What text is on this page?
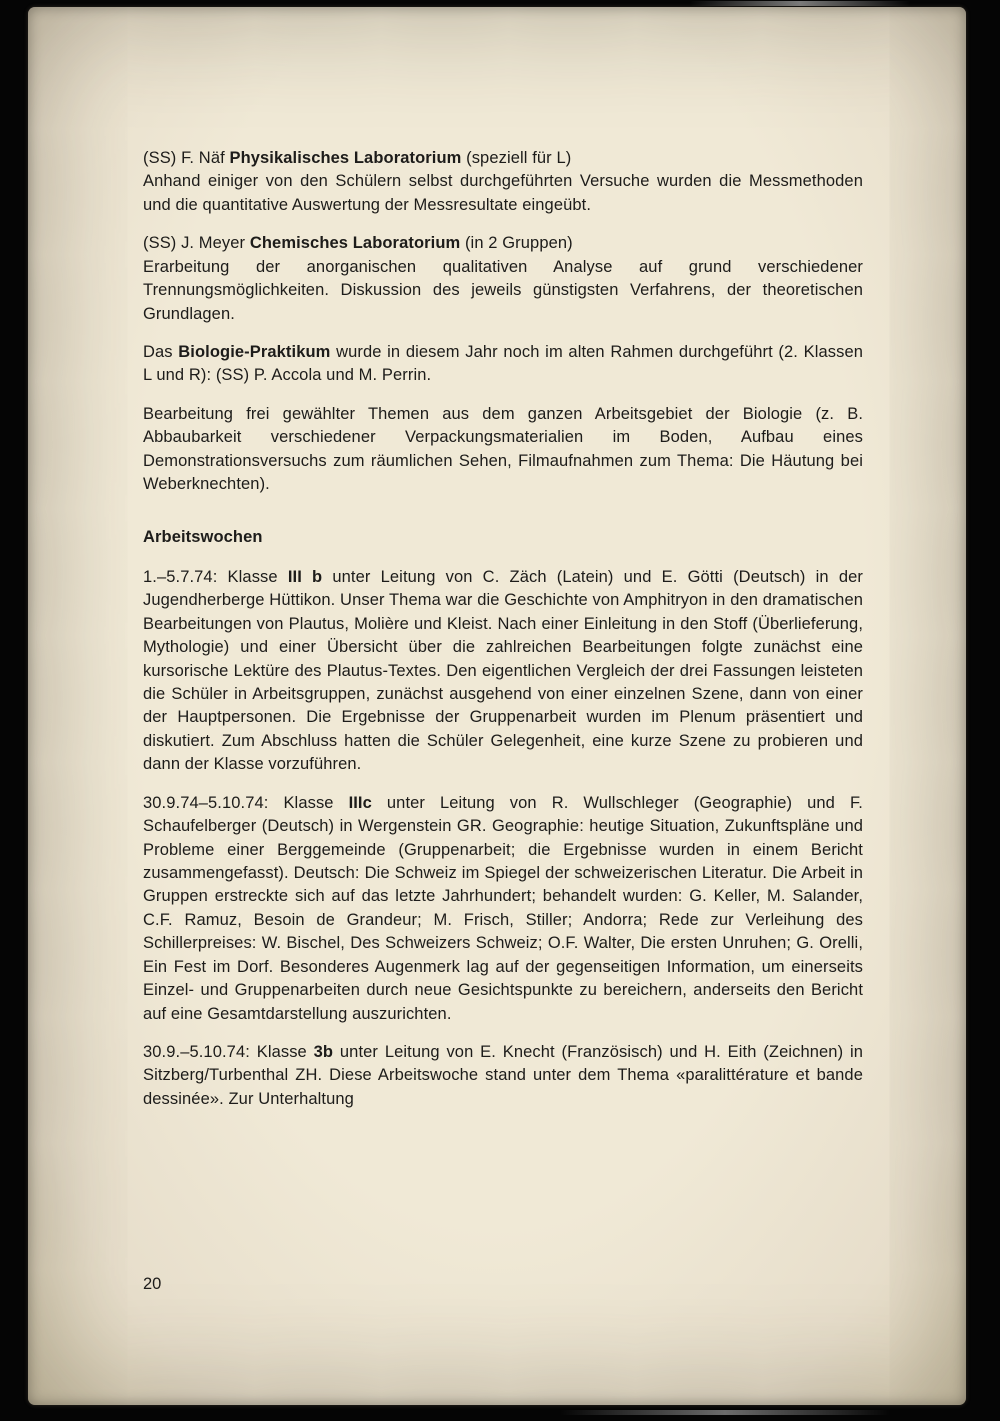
(SS) F. Näf Physikalisches Laboratorium (speziell für L)
Anhand einiger von den Schülern selbst durchgeführten Versuche wurden die Messmethoden und die quantitative Auswertung der Messresultate eingeübt.

(SS) J. Meyer Chemisches Laboratorium (in 2 Gruppen)
Erarbeitung der anorganischen qualitativen Analyse auf grund verschiedener Trennungsmöglichkeiten. Diskussion des jeweils günstigsten Verfahrens, der theoretischen Grundlagen.

Das Biologie-Praktikum wurde in diesem Jahr noch im alten Rahmen durchgeführt (2. Klassen L und R): (SS) P. Accola und M. Perrin.

Bearbeitung frei gewählter Themen aus dem ganzen Arbeitsgebiet der Biologie (z. B. Abbaubarkeit verschiedener Verpackungsmaterialien im Boden, Aufbau eines Demonstrationsversuchs zum räumlichen Sehen, Filmaufnahmen zum Thema: Die Häutung bei Weberknechten).

Arbeitswochen

1.–5.7.74: Klasse III b unter Leitung von C. Zäch (Latein) und E. Götti (Deutsch) in der Jugendherberge Hüttikon. Unser Thema war die Geschichte von Amphitryon in den dramatischen Bearbeitungen von Plautus, Molière und Kleist. Nach einer Einleitung in den Stoff (Überlieferung, Mythologie) und einer Übersicht über die zahlreichen Bearbeitungen folgte zunächst eine kursorische Lektüre des Plautus-Textes. Den eigentlichen Vergleich der drei Fassungen leisteten die Schüler in Arbeitsgruppen, zunächst ausgehend von einer einzelnen Szene, dann von einer der Hauptpersonen. Die Ergebnisse der Gruppenarbeit wurden im Plenum präsentiert und diskutiert. Zum Abschluss hatten die Schüler Gelegenheit, eine kurze Szene zu probieren und dann der Klasse vorzuführen.

30.9.74–5.10.74: Klasse IIIc unter Leitung von R. Wullschleger (Geographie) und F. Schaufelberger (Deutsch) in Wergenstein GR. Geographie: heutige Situation, Zukunftspläne und Probleme einer Berggemeinde (Gruppenarbeit; die Ergebnisse wurden in einem Bericht zusammengefasst). Deutsch: Die Schweiz im Spiegel der schweizerischen Literatur. Die Arbeit in Gruppen erstreckte sich auf das letzte Jahrhundert; behandelt wurden: G. Keller, M. Salander, C.F. Ramuz, Besoin de Grandeur; M. Frisch, Stiller; Andorra; Rede zur Verleihung des Schillerpreises: W. Bischel, Des Schweizers Schweiz; O.F. Walter, Die ersten Unruhen; G. Orelli, Ein Fest im Dorf. Besonderes Augenmerk lag auf der gegenseitigen Information, um einerseits Einzel- und Gruppenarbeiten durch neue Gesichtspunkte zu bereichern, anderseits den Bericht auf eine Gesamtdarstellung auszurichten.

30.9.–5.10.74: Klasse 3b unter Leitung von E. Knecht (Französisch) und H. Eith (Zeichnen) in Sitzberg/Turbenthal ZH. Diese Arbeitswoche stand unter dem Thema «paralittérature et bande dessinée». Zur Unterhaltung

20
